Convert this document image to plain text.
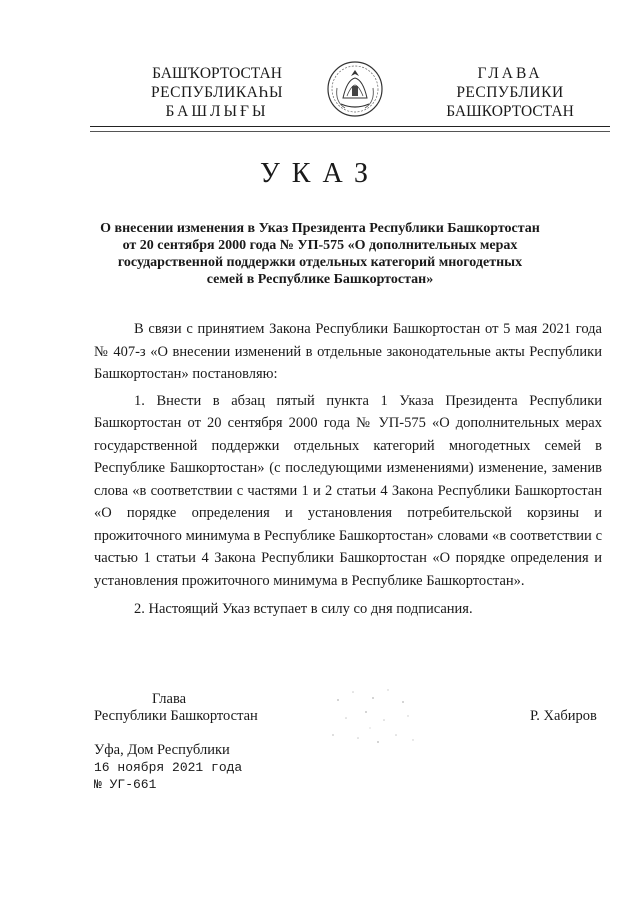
БАШҠОРТОСТАН
РЕСПУБЛИКАҺЫ
БАШЛЫҒЫ
ГЛАВА
РЕСПУБЛИКИ
БАШКОРТОСТАН
УКАЗ
О внесении изменения в Указ Президента Республики Башкортостан
от 20 сентября 2000 года № УП-575 «О дополнительных мерах
государственной поддержки отдельных категорий многодетных
семей в Республике Башкортостан»

В связи с принятием Закона Республики Башкортостан от 5 мая 2021 года № 407-з «О внесении изменений в отдельные законодательные акты Республики Башкортостан» постановляю:

1. Внести в абзац пятый пункта 1 Указа Президента Республики Башкортостан от 20 сентября 2000 года № УП-575 «О дополнительных мерах государственной поддержки отдельных категорий многодетных семей в Республике Башкортостан» (с последующими изменениями) изменение, заменив слова «в соответствии с частями 1 и 2 статьи 4 Закона Республики Башкортостан «О порядке определения и установления потребительской корзины и прожиточного минимума в Республике Башкортостан» словами «в соответствии с частью 1 статьи 4 Закона Республики Башкортостан «О порядке определения и установления прожиточного минимума в Республике Башкортостан».

2. Настоящий Указ вступает в силу со дня подписания.

Глава
Республики Башкортостан	Р. Хабиров
Уфа, Дом Республики
16 ноября 2021 года
№ УГ-661
